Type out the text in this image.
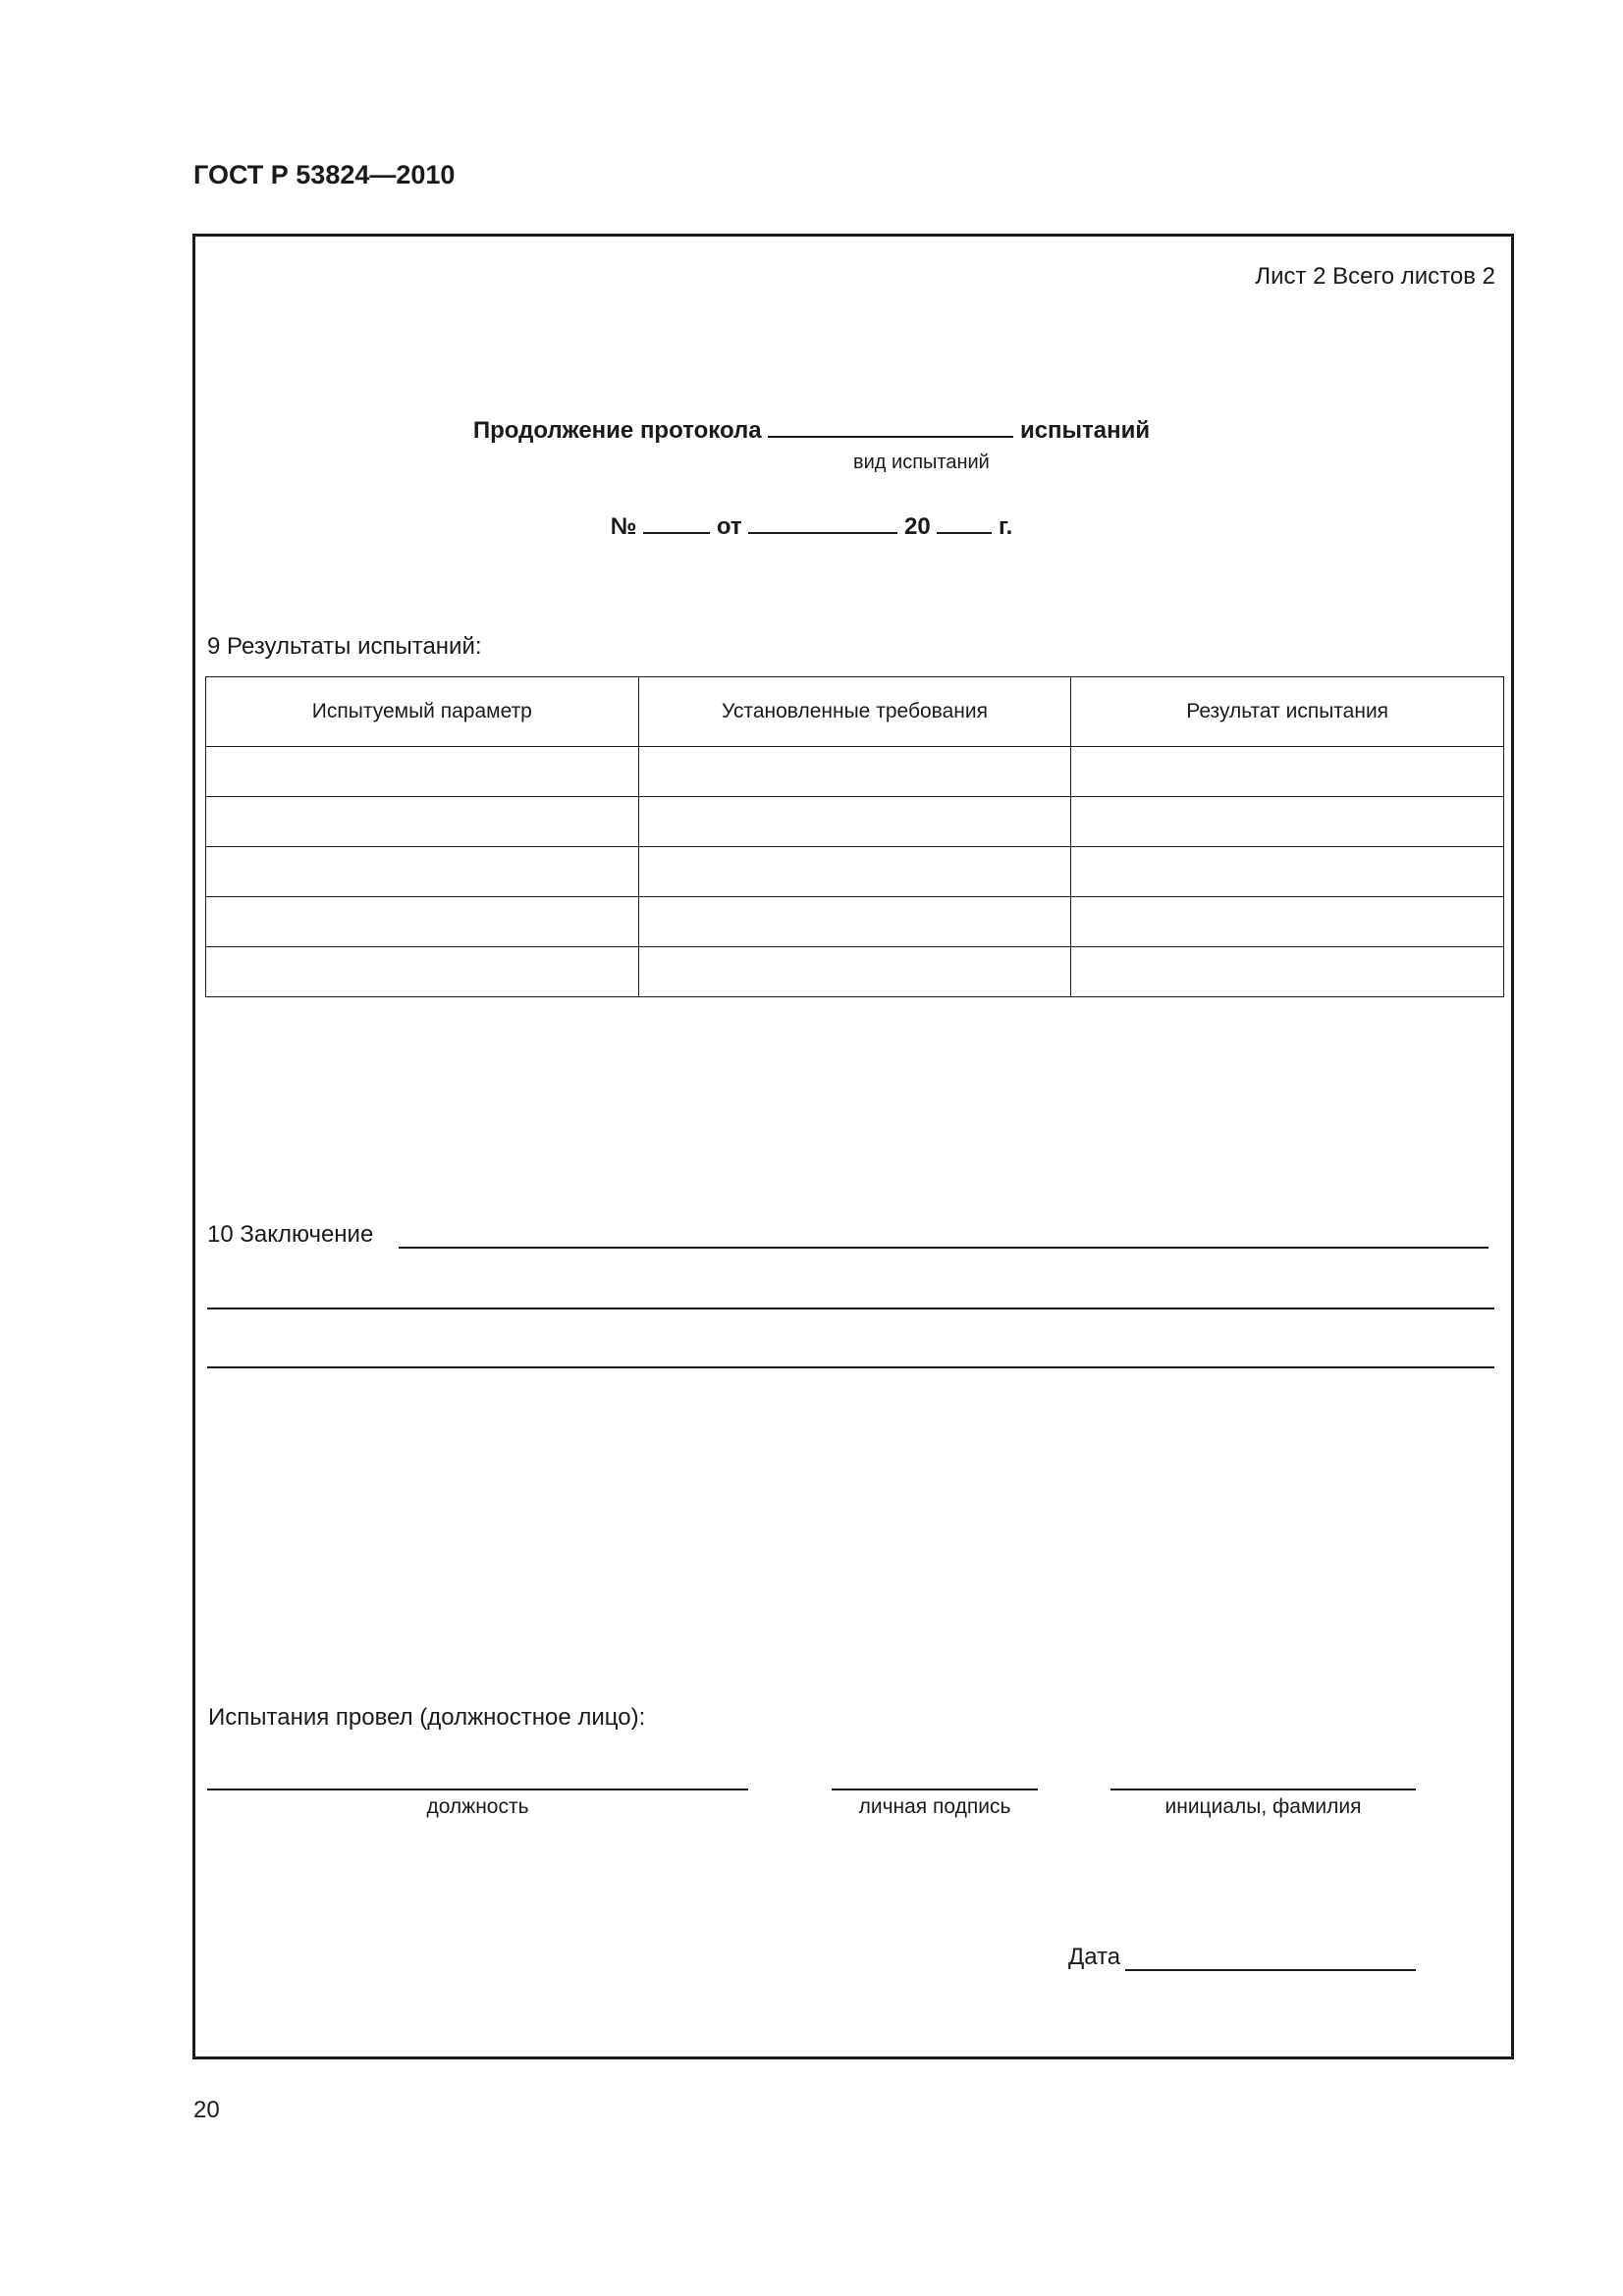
ГОСТ Р 53824—2010
Лист 2 Всего листов 2
Продолжение протокола	испытаний
вид испытаний
№	от	20	г.
9 Результаты испытаний:
Испытуемый параметр	Установленные требования	Результат испытания

10 Заключение
Испытания провел (должностное лицо):
должность	личная подпись	инициалы, фамилия
Дата
20
